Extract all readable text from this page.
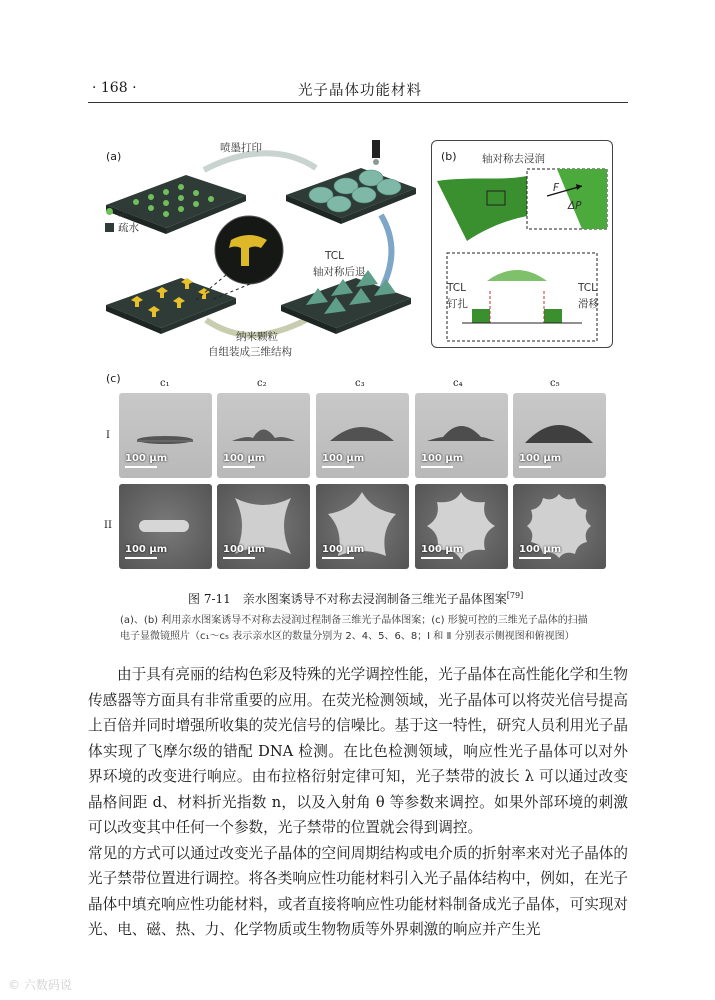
· 168 ·	光子晶体功能材料
(a)
喷墨打印
TCL
轴对称后退
纳米颗粒
自组装成三维结构
亲水
疏水
(b) 轴对称去浸润
F
ΔP
TCL
钉扎
TCL
滑移
(c)	c₁	c₂	c₃	c₄	c₅
I
II
100 μm	100 μm	100 μm	100 μm	100 μm
100 μm	100 μm	100 μm	100 μm	100 μm
图 7-11　亲水图案诱导不对称去浸润制备三维光子晶体图案[79]
(a)、(b) 利用亲水图案诱导不对称去浸润过程制备三维光子晶体图案；(c) 形貌可控的三维光子晶体的扫描
电子显微镜照片（c₁～c₅ 表示亲水区的数量分别为 2、4、5、6、8；Ⅰ 和 Ⅱ 分别表示侧视图和俯视图）

由于具有亮丽的结构色彩及特殊的光学调控性能，光子晶体在高性能化学和生物传感器等方面具有非常重要的应用。在荧光检测领域，光子晶体可以将荧光信号提高上百倍并同时增强所收集的荧光信号的信噪比。基于这一特性，研究人员利用光子晶体实现了飞摩尔级的错配 DNA 检测。在比色检测领域，响应性光子晶体可以对外界环境的改变进行响应。由布拉格衍射定律可知，光子禁带的波长 λ 可以通过改变晶格间距 d、材料折光指数 n，以及入射角 θ 等参数来调控。如果外部环境的刺激可以改变其中任何一个参数，光子禁带的位置就会得到调控。

常见的方式可以通过改变光子晶体的空间周期结构或电介质的折射率来对光子晶体的光子禁带位置进行调控。将各类响应性功能材料引入光子晶体结构中，例如，在光子晶体中填充响应性功能材料，或者直接将响应性功能材料制备成光子晶体，可实现对光、电、磁、热、力、化学物质或生物物质等外界刺激的响应并产生光

© 六数码说
